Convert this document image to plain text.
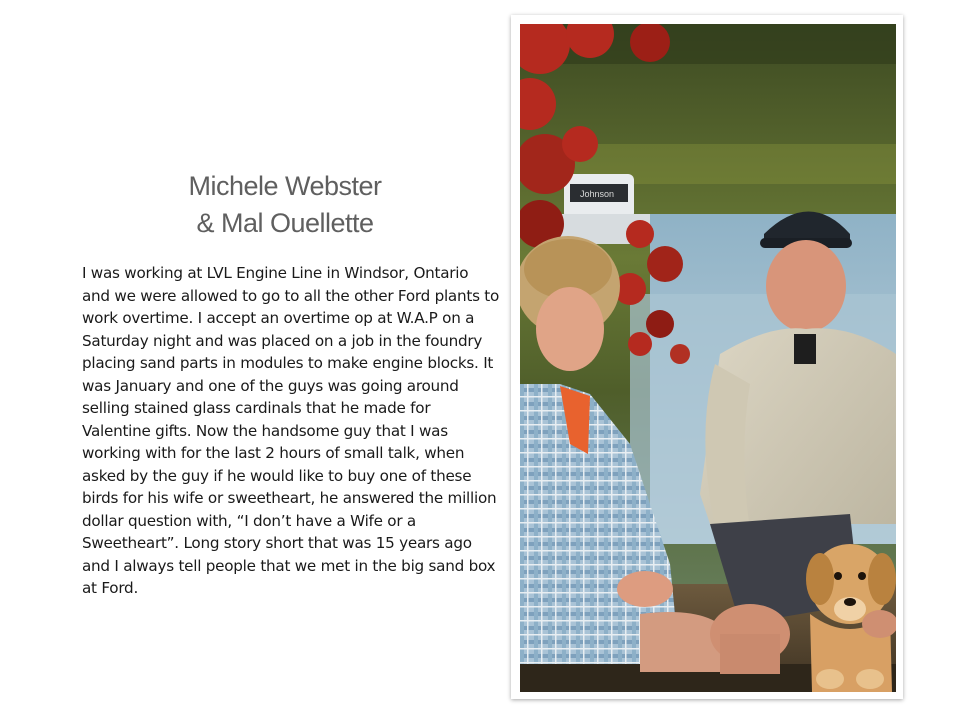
Michele Webster
& Mal Ouellette

I was working at LVL Engine Line in Windsor, Ontario and we were allowed to go to all the other Ford plants to work overtime. I accept an overtime op at W.A.P on a Saturday night and was placed on a job in the foundry placing sand parts in modules to make engine blocks. It was January and one of the guys was going around selling stained glass cardinals that he made for Valentine gifts. Now the handsome guy that I was working with for the last 2 hours of small talk, when asked by the guy if he would like to buy one of these birds for his wife or sweetheart, he answered the million dollar question with, “I don’t have a Wife or a Sweetheart”. Long story short that was 15 years ago and I always tell people that we met in the big sand box at Ford.

Johnson
